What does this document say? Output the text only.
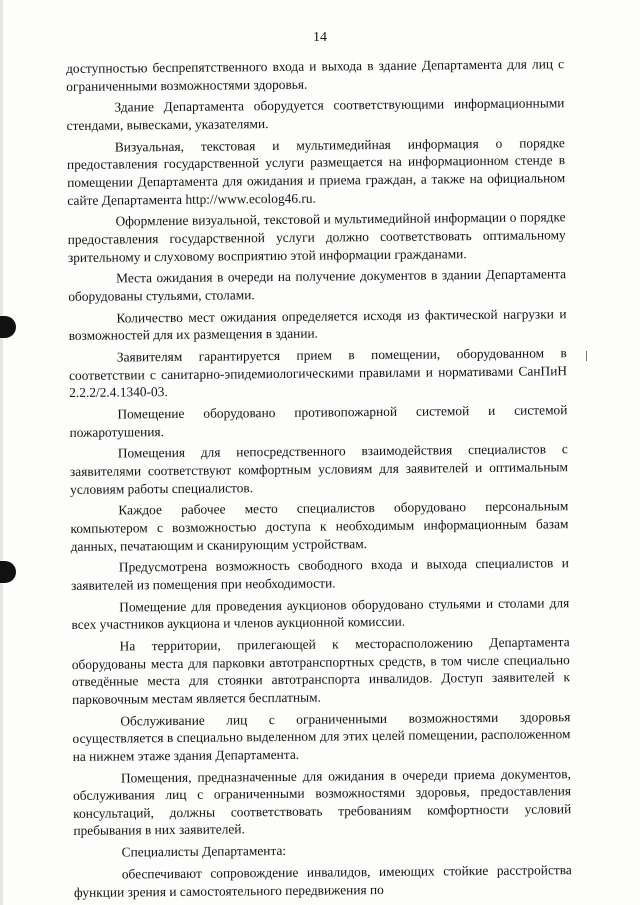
14

доступностью беспрепятственного входа и выхода в здание Департамента для лиц с ограниченными возможностями здоровья.

Здание Департамента оборудуется соответствующими информационными стендами, вывесками, указателями.

Визуальная, текстовая и мультимедийная информация о порядке предоставления государственной услуги размещается на информационном стенде в помещении Департамента для ожидания и приема граждан, а также на официальном сайте Департамента http://www.ecolog46.ru.

Оформление визуальной, текстовой и мультимедийной информации о порядке предоставления государственной услуги должно соответствовать оптимальному зрительному и слуховому восприятию этой информации гражданами.

Места ожидания в очереди на получение документов в здании Департамента оборудованы стульями, столами.

Количество мест ожидания определяется исходя из фактической нагрузки и возможностей для их размещения в здании.

Заявителям гарантируется прием в помещении, оборудованном в соответствии с санитарно-эпидемиологическими правилами и нормативами СанПиН 2.2.2/2.4.1340-03.

Помещение оборудовано противопожарной системой и системой пожаротушения.

Помещения для непосредственного взаимодействия специалистов с заявителями соответствуют комфортным условиям для заявителей и оптимальным условиям работы специалистов.

Каждое рабочее место специалистов оборудовано персональным компьютером с возможностью доступа к необходимым информационным базам данных, печатающим и сканирующим устройствам.

Предусмотрена возможность свободного входа и выхода специалистов и заявителей из помещения при необходимости.

Помещение для проведения аукционов оборудовано стульями и столами для всех участников аукциона и членов аукционной комиссии.

На территории, прилегающей к месторасположению Департамента оборудованы места для парковки автотранспортных средств, в том числе специально отведённые места для стоянки автотранспорта инвалидов. Доступ заявителей к парковочным местам является бесплатным.

Обслуживание лиц с ограниченными возможностями здоровья осуществляется в специально выделенном для этих целей помещении, расположенном на нижнем этаже здания Департамента.

Помещения, предназначенные для ожидания в очереди приема документов, обслуживания лиц с ограниченными возможностями здоровья, предоставления консультаций, должны соответствовать требованиям комфортности условий пребывания в них заявителей.

Специалисты Департамента:

обеспечивают сопровождение инвалидов, имеющих стойкие расстройства функции зрения и самостоятельного передвижения по
